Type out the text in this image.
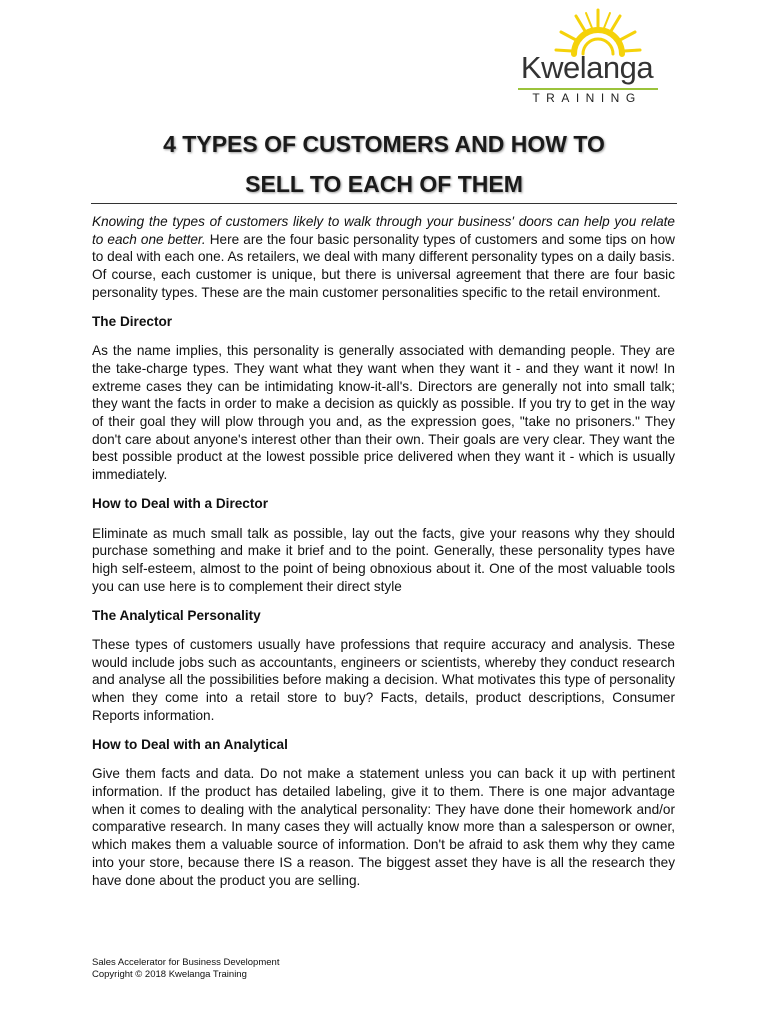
Kwelanga
TRAINING
4 TYPES OF CUSTOMERS AND HOW TO
SELL TO EACH OF THEM

Knowing the types of customers likely to walk through your business' doors can help you relate to each one better. Here are the four basic personality types of customers and some tips on how to deal with each one. As retailers, we deal with many different personality types on a daily basis. Of course, each customer is unique, but there is universal agreement that there are four basic personality types. These are the main customer personalities specific to the retail environment.

The Director

As the name implies, this personality is generally associated with demanding people. They are the take-charge types. They want what they want when they want it - and they want it now! In extreme cases they can be intimidating know-it-all's. Directors are generally not into small talk; they want the facts in order to make a decision as quickly as possible. If you try to get in the way of their goal they will plow through you and, as the expression goes, "take no prisoners." They don't care about anyone's interest other than their own. Their goals are very clear. They want the best possible product at the lowest possible price delivered when they want it - which is usually immediately.

How to Deal with a Director

Eliminate as much small talk as possible, lay out the facts, give your reasons why they should purchase something and make it brief and to the point. Generally, these personality types have high self-esteem, almost to the point of being obnoxious about it. One of the most valuable tools you can use here is to complement their direct style

The Analytical Personality

These types of customers usually have professions that require accuracy and analysis. These would include jobs such as accountants, engineers or scientists, whereby they conduct research and analyse all the possibilities before making a decision. What motivates this type of personality when they come into a retail store to buy? Facts, details, product descriptions, Consumer Reports information.

How to Deal with an Analytical

Give them facts and data. Do not make a statement unless you can back it up with pertinent information. If the product has detailed labeling, give it to them. There is one major advantage when it comes to dealing with the analytical personality: They have done their homework and/or comparative research. In many cases they will actually know more than a salesperson or owner, which makes them a valuable source of information. Don't be afraid to ask them why they came into your store, because there IS a reason. The biggest asset they have is all the research they have done about the product you are selling.

Sales Accelerator for Business Development
Copyright © 2018 Kwelanga Training
